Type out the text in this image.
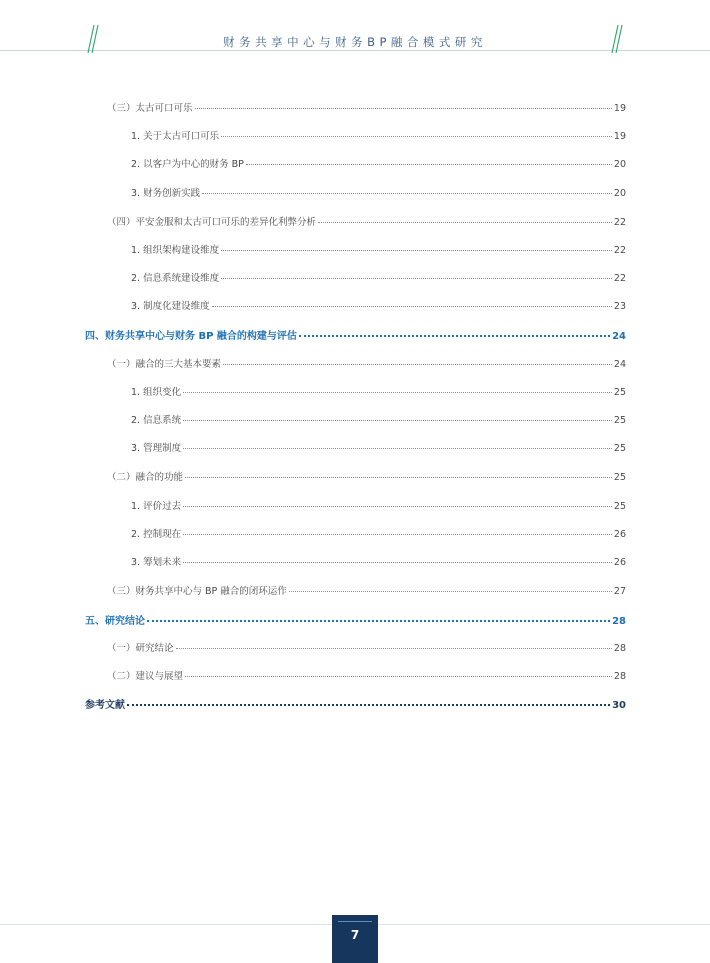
财务共享中心与财务BP融合模式研究
（三）太古可口可乐	19
1. 关于太古可口可乐	19
2. 以客户为中心的财务 BP	20
3. 财务创新实践	20
（四）平安金服和太古可口可乐的差异化利弊分析	22
1. 组织架构建设维度	22
2. 信息系统建设维度	22
3. 制度化建设维度	23
四、财务共享中心与财务 BP 融合的构建与评估	24
（一）融合的三大基本要素	24
1. 组织变化	25
2. 信息系统	25
3. 管理制度	25
（二）融合的功能	25
1. 评价过去	25
2. 控制现在	26
3. 筹划未来	26
（三）财务共享中心与 BP 融合的闭环运作	27
五、研究结论	28
（一）研究结论	28
（二）建议与展望	28
参考文献	30
7
